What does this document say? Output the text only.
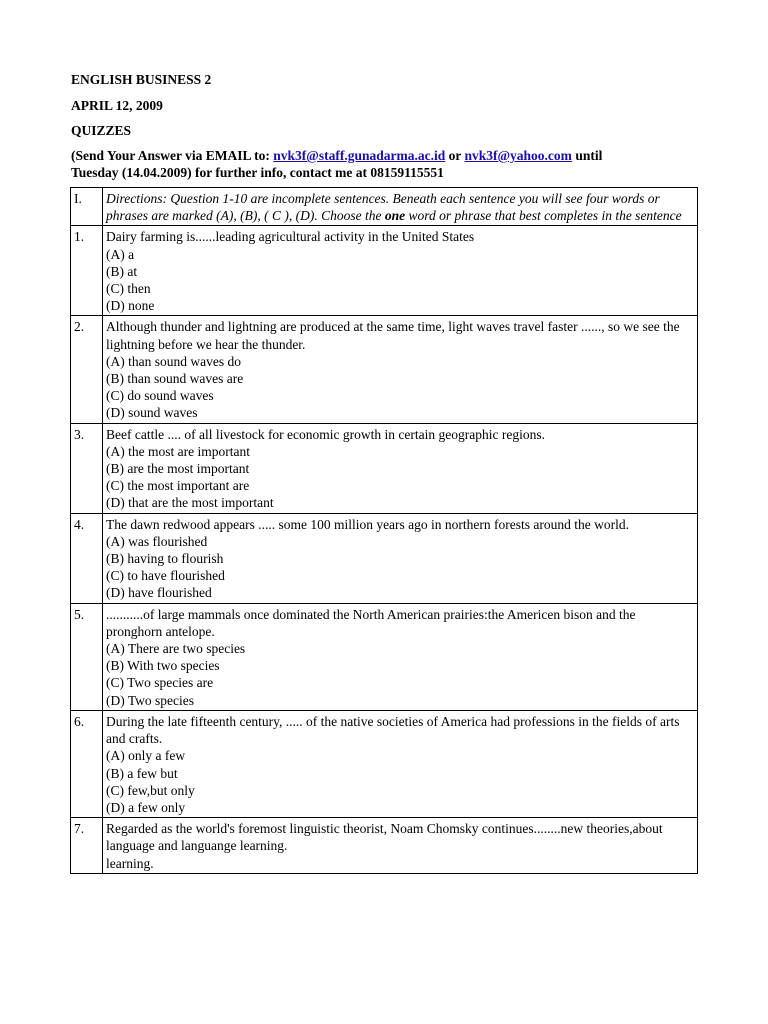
ENGLISH BUSINESS 2

APRIL 12, 2009

QUIZZES

(Send Your Answer via EMAIL to: nvk3f@staff.gunadarma.ac.id or nvk3f@yahoo.com until
Tuesday (14.04.2009) for further info, contact me at 08159115551

I.	Directions: Question 1-10 are incomplete sentences. Beneath each sentence you will see four words or phrases are marked (A), (B), ( C ), (D). Choose the one word or phrase that best completes in the sentence
1.	Dairy farming is......leading agricultural activity in the United States
(A) a
(B) at
(C) then
(D) none

2.	Although thunder and lightning are produced at the same time, light waves travel faster ......, so we see the lightning before we hear the thunder.
(A) than sound waves do
(B) than sound waves are
(C) do sound waves
(D) sound waves

3.	Beef cattle .... of all livestock for economic growth in certain geographic regions.
(A) the most are important
(B) are the most important
(C) the most important are
(D) that are the most important

4.	The dawn redwood appears ..... some 100 million years ago in northern forests around the world.
(A) was flourished
(B) having to flourish
(C) to have flourished
(D) have flourished

5.	...........of large mammals once dominated the North American prairies:the Americen bison and the pronghorn antelope.
(A) There are two species
(B) With two species
(C) Two species are
(D) Two species

6.	During the late fifteenth century, ..... of the native societies of America had professions in the fields of arts and crafts.
(A) only a few
(B) a few but
(C) few,but only
(D) a few only

7.	Regarded as the world's foremost linguistic theorist, Noam Chomsky continues........new theories,about language and languange learning.
learning.
